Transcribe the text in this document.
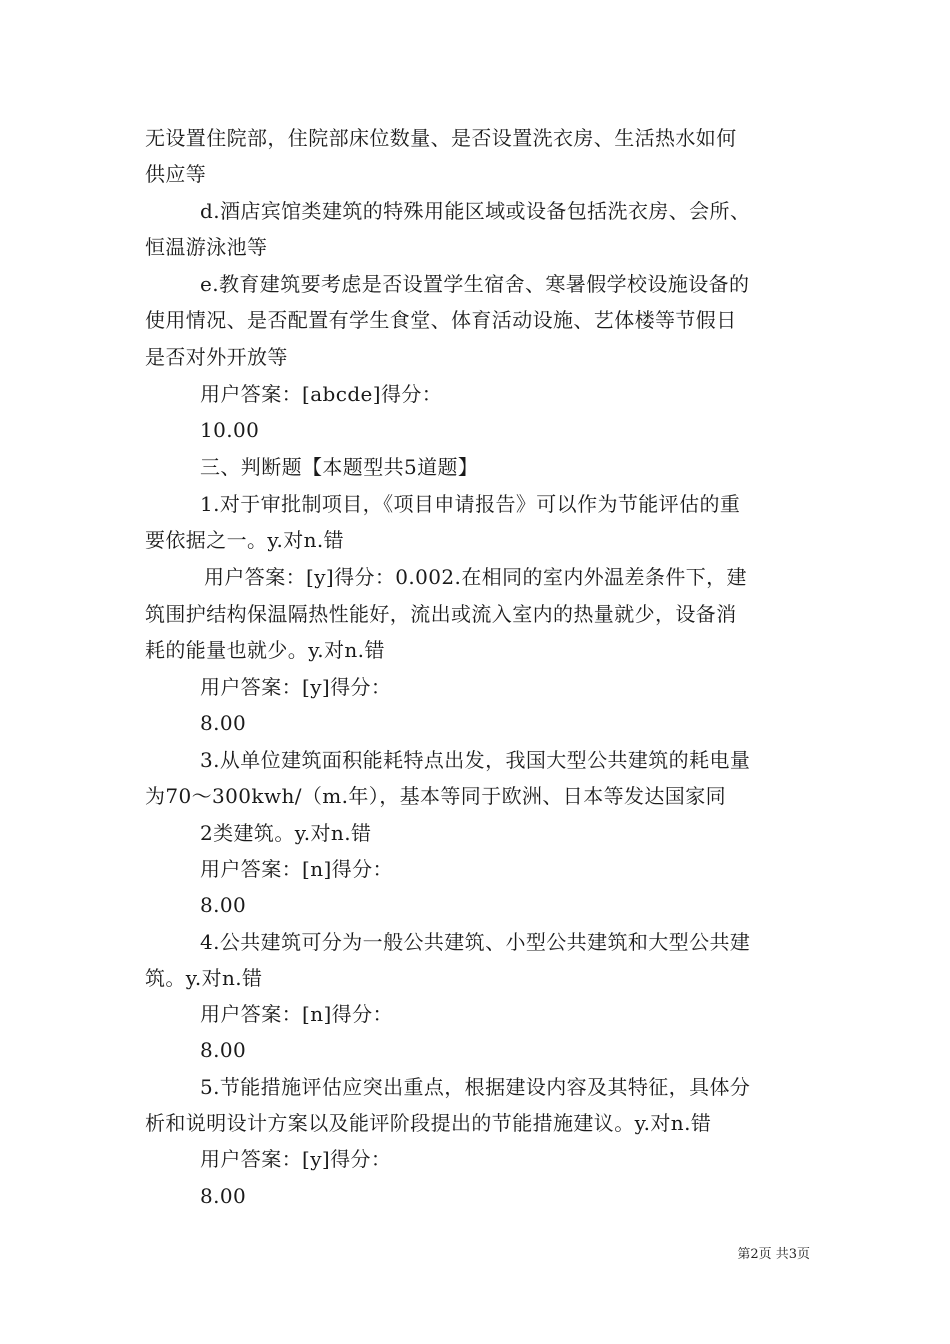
无设置住院部，住院部床位数量、是否设置洗衣房、生活热水如何
供应等
d.酒店宾馆类建筑的特殊用能区域或设备包括洗衣房、会所、
恒温游泳池等
e.教育建筑要考虑是否设置学生宿舍、寒暑假学校设施设备的
使用情况、是否配置有学生食堂、体育活动设施、艺体楼等节假日
是否对外开放等
用户答案：[abcde]得分：
10.00
三、判断题【本题型共5道题】
1.对于审批制项目，《项目申请报告》可以作为节能评估的重
要依据之一。y.对n.错
用户答案：[y]得分：0.002.在相同的室内外温差条件下，建
筑围护结构保温隔热性能好，流出或流入室内的热量就少，设备消
耗的能量也就少。y.对n.错
用户答案：[y]得分：
8.00
3.从单位建筑面积能耗特点出发，我国大型公共建筑的耗电量
为70～300kwh/（m.年），基本等同于欧洲、日本等发达国家同
2类建筑。y.对n.错
用户答案：[n]得分：
8.00
4.公共建筑可分为一般公共建筑、小型公共建筑和大型公共建
筑。y.对n.错
用户答案：[n]得分：
8.00
5.节能措施评估应突出重点，根据建设内容及其特征，具体分
析和说明设计方案以及能评阶段提出的节能措施建议。y.对n.错
用户答案：[y]得分：
8.00
第2页 共3页
